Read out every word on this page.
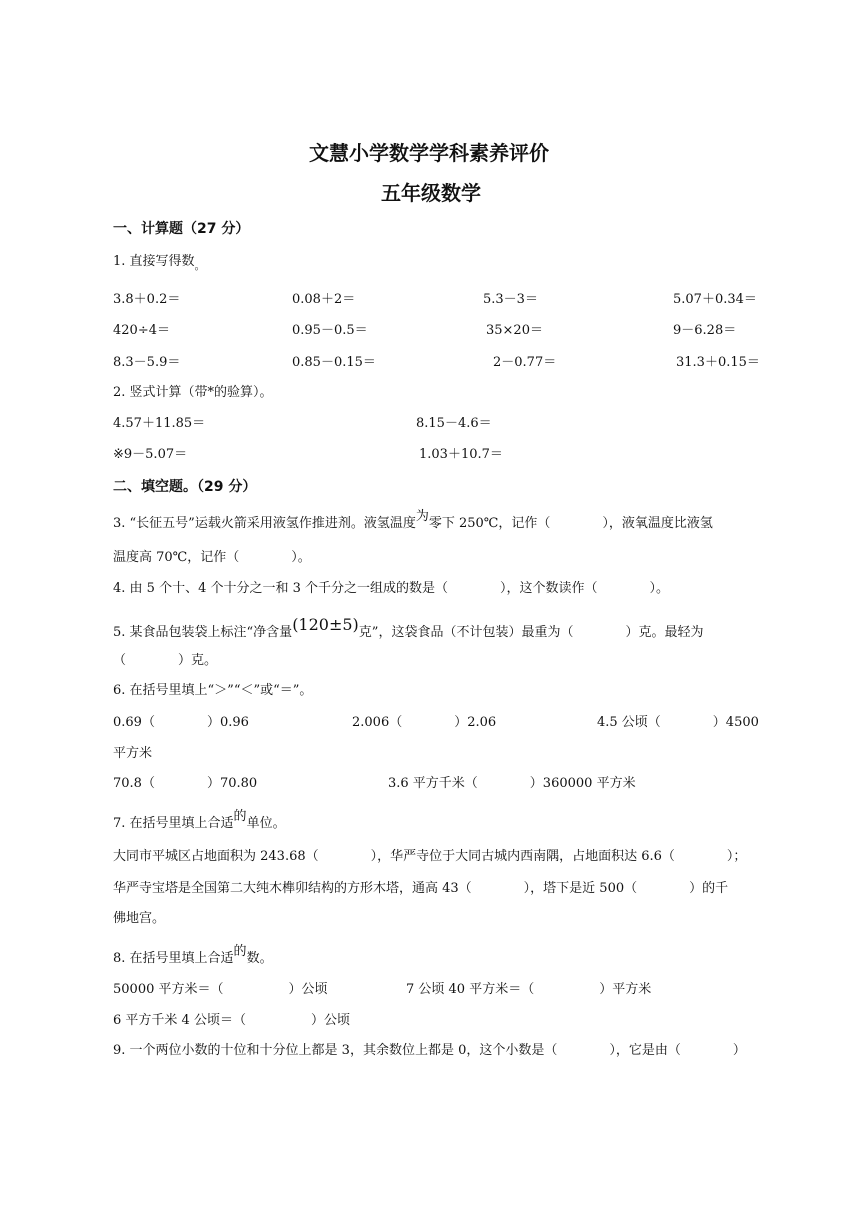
文慧小学数学学科素养评价
五年级数学
一、计算题（27 分）
1. 直接写得数$_。$
3.8＋0.2＝	0.08＋2＝	5.3－3＝	5.07＋0.34＝
420÷4＝	0.95－0.5＝	35×20＝	9－6.28＝
8.3－5.9＝	0.85－0.15＝	2－0.77＝	31.3＋0.15＝
2. 竖式计算（带*的验算）。
4.57＋11.85＝	8.15－4.6＝
※9－5.07＝	1.03＋10.7＝
二、填空题。（29 分）
3. “长征五号”运载火箭采用液氢作推进剂。液氢温度为零下 250℃，记作（　　　　），液氧温度比液氢
温度高 70℃，记作（　　　　）。
4. 由 5 个十、4 个十分之一和 3 个千分之一组成的数是（　　　　），这个数读作（　　　　）。
5. 某食品包装袋上标注“净含量(120±5)克”，这袋食品（不计包装）最重为（　　　　）克。最轻为
（　　　　）克。
6. 在括号里填上“＞”“＜”或“＝”。
0.69（　　　　）0.96	2.006（　　　　）2.06	4.5 公顷（　　　　）4500
平方米
70.8（　　　　）70.80	3.6 平方千米（　　　　）360000 平方米
7. 在括号里填上合适的单位。
大同市平城区占地面积为 243.68（　　　　），华严寺位于大同古城内西南隅，占地面积达 6.6（　　　　）；
华严寺宝塔是全国第二大纯木榫卯结构的方形木塔，通高 43（　　　　），塔下是近 500（　　　　）的千
佛地宫。
8. 在括号里填上合适的数。
50000 平方米＝（　　　　　）公顷	7 公顷 40 平方米＝（　　　　　）平方米
6 平方千米 4 公顷＝（　　　　　）公顷
9. 一个两位小数的十位和十分位上都是 3，其余数位上都是 0，这个小数是（　　　　），它是由（　　　　）
